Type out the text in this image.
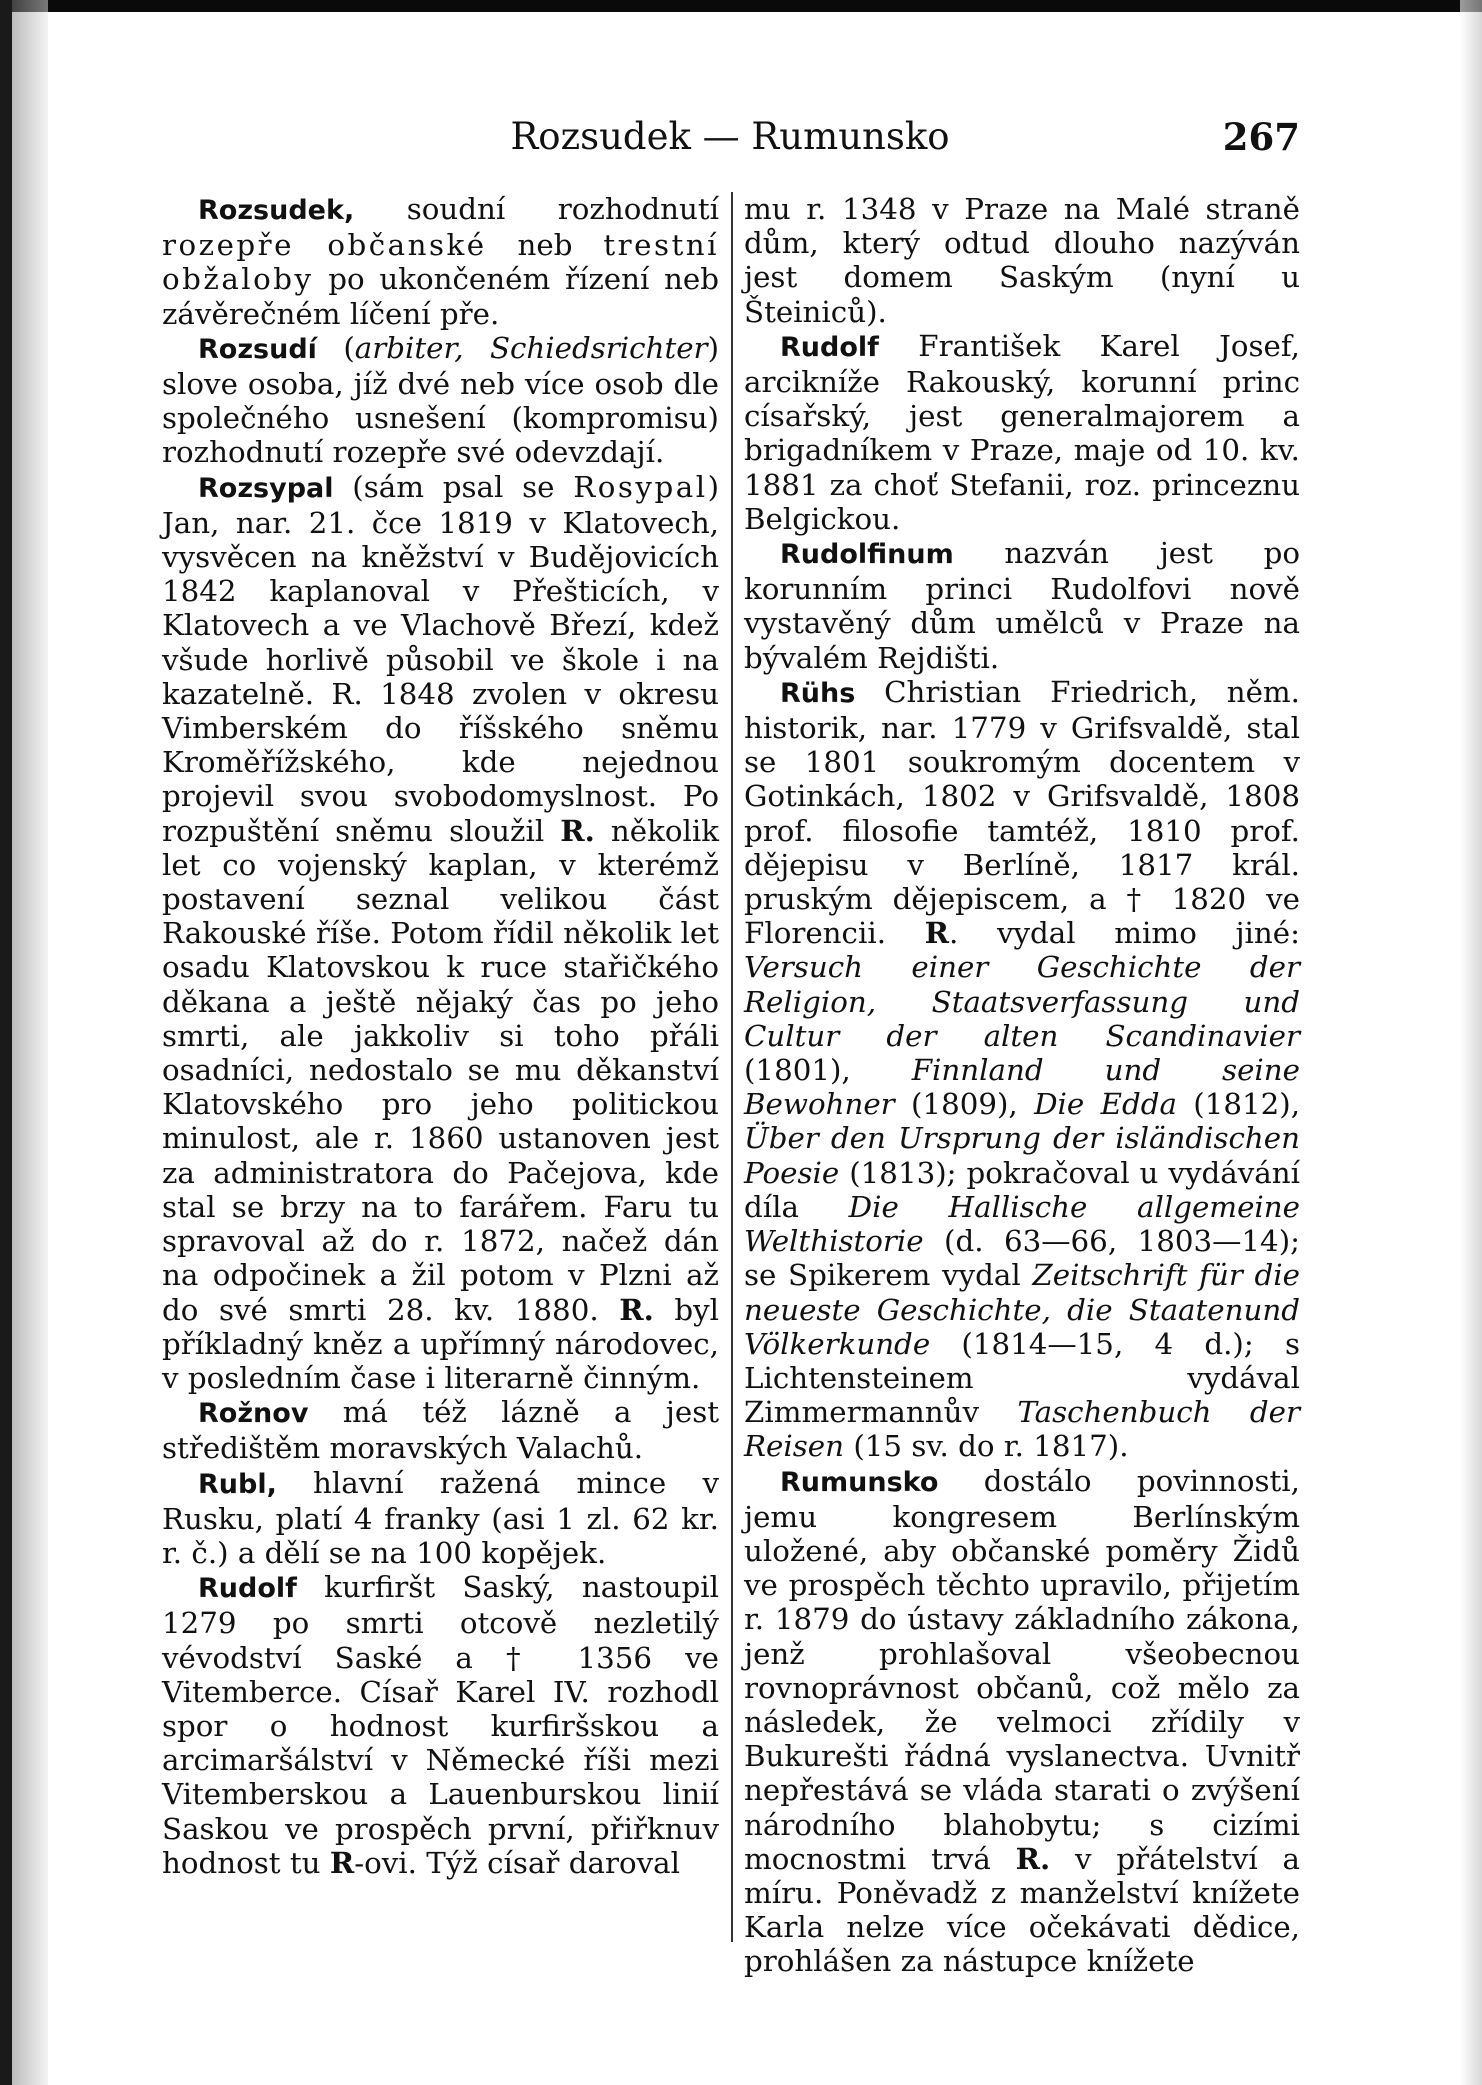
Rozsudek — Rumunsko	267

Rozsudek, soudní rozhodnutí rozepře občanské neb trestní obžaloby po ukončeném řízení neb závěrečném líčení pře.

Rozsudí (arbiter, Schiedsrichter) slove osoba, jíž dvé neb více osob dle společného usnešení (kompromisu) rozhodnutí rozepře své odevzdají.

Rozsypal (sám psal se Rosypal) Jan, nar. 21. čce 1819 v Klatovech, vysvěcen na kněžství v Budějovicích 1842 kaplanoval v Přešticích, v Klatovech a ve Vlachově Březí, kdež všude horlivě působil ve škole i na kazatelně. R. 1848 zvolen v okresu Vimberském do říšského sněmu Kroměřížského, kde nejednou projevil svou svobodomyslnost. Po rozpuštění sněmu sloužil R. několik let co vojenský kaplan, v kterémž postavení seznal velikou část Rakouské říše. Potom řídil několik let osadu Klatovskou k ruce stařičkého děkana a ještě nějaký čas po jeho smrti, ale jakkoliv si toho přáli osadníci, nedostalo se mu děkanství Klatovského pro jeho politickou minulost, ale r. 1860 ustanoven jest za administratora do Pačejova, kde stal se brzy na to farářem. Faru tu spravoval až do r. 1872, načež dán na odpočinek a žil potom v Plzni až do své smrti 28. kv. 1880. R. byl příkladný kněz a upřímný národovec, v posledním čase i literarně činným.

Rožnov má též lázně a jest středištěm moravských Valachů.

Rubl, hlavní ražená mince v Rusku, platí 4 franky (asi 1 zl. 62 kr. r. č.) a dělí se na 100 kopějek.

Rudolf kurfiršt Saský, nastoupil 1279 po smrti otcově nezletilý vévodství Saské a † 1356 ve Vitemberce. Císař Karel IV. rozhodl spor o hodnost kurfiršskou a arcimaršálství v Německé říši mezi Vitemberskou a Lauenburskou linií Saskou ve prospěch první, přiřknuv hodnost tu R-ovi. Týž císař daroval

mu r. 1348 v Praze na Malé straně dům, který odtud dlouho nazýván jest domem Saským (nyní u Šteiniců).

Rudolf František Karel Josef, arcikníže Rakouský, korunní princ císařský, jest generalmajorem a brigadníkem v Praze, maje od 10. kv. 1881 za choť Stefanii, roz. princeznu Belgickou.

Rudolfinum nazván jest po korunním princi Rudolfovi nově vystavěný dům umělců v Praze na bývalém Rejdišti.

Rühs Christian Friedrich, něm. historik, nar. 1779 v Grifsvaldě, stal se 1801 soukromým docentem v Gotinkách, 1802 v Grifsvaldě, 1808 prof. filosofie tamtéž, 1810 prof. dějepisu v Berlíně, 1817 král. pruským dějepiscem, a † 1820 ve Florencii. R. vydal mimo jiné: Versuch einer Geschichte der Religion, Staatsverfassung und Cultur der alten Scandinavier (1801), Finnland und seine Bewohner (1809), Die Edda (1812), Über den Ursprung der isländischen Poesie (1813); pokračoval u vydávání díla Die Hallische allgemeine Welthistorie (d. 63—66, 1803—14); se Spikerem vydal Zeitschrift für die neueste Geschichte, die Staatenund Völkerkunde (1814—15, 4 d.); s Lichtensteinem vydával Zimmermannův Taschenbuch der Reisen (15 sv. do r. 1817).

Rumunsko dostálo povinnosti, jemu kongresem Berlínským uložené, aby občanské poměry Židů ve prospěch těchto upravilo, přijetím r. 1879 do ústavy základního zákona, jenž prohlašoval všeobecnou rovnoprávnost občanů, což mělo za následek, že velmoci zřídily v Bukurešti řádná vyslanectva. Uvnitř nepřestává se vláda starati o zvýšení národního blahobytu; s cizími mocnostmi trvá R. v přátelství a míru. Poněvadž z manželství knížete Karla nelze více očekávati dědice, prohlášen za nástupce knížete
